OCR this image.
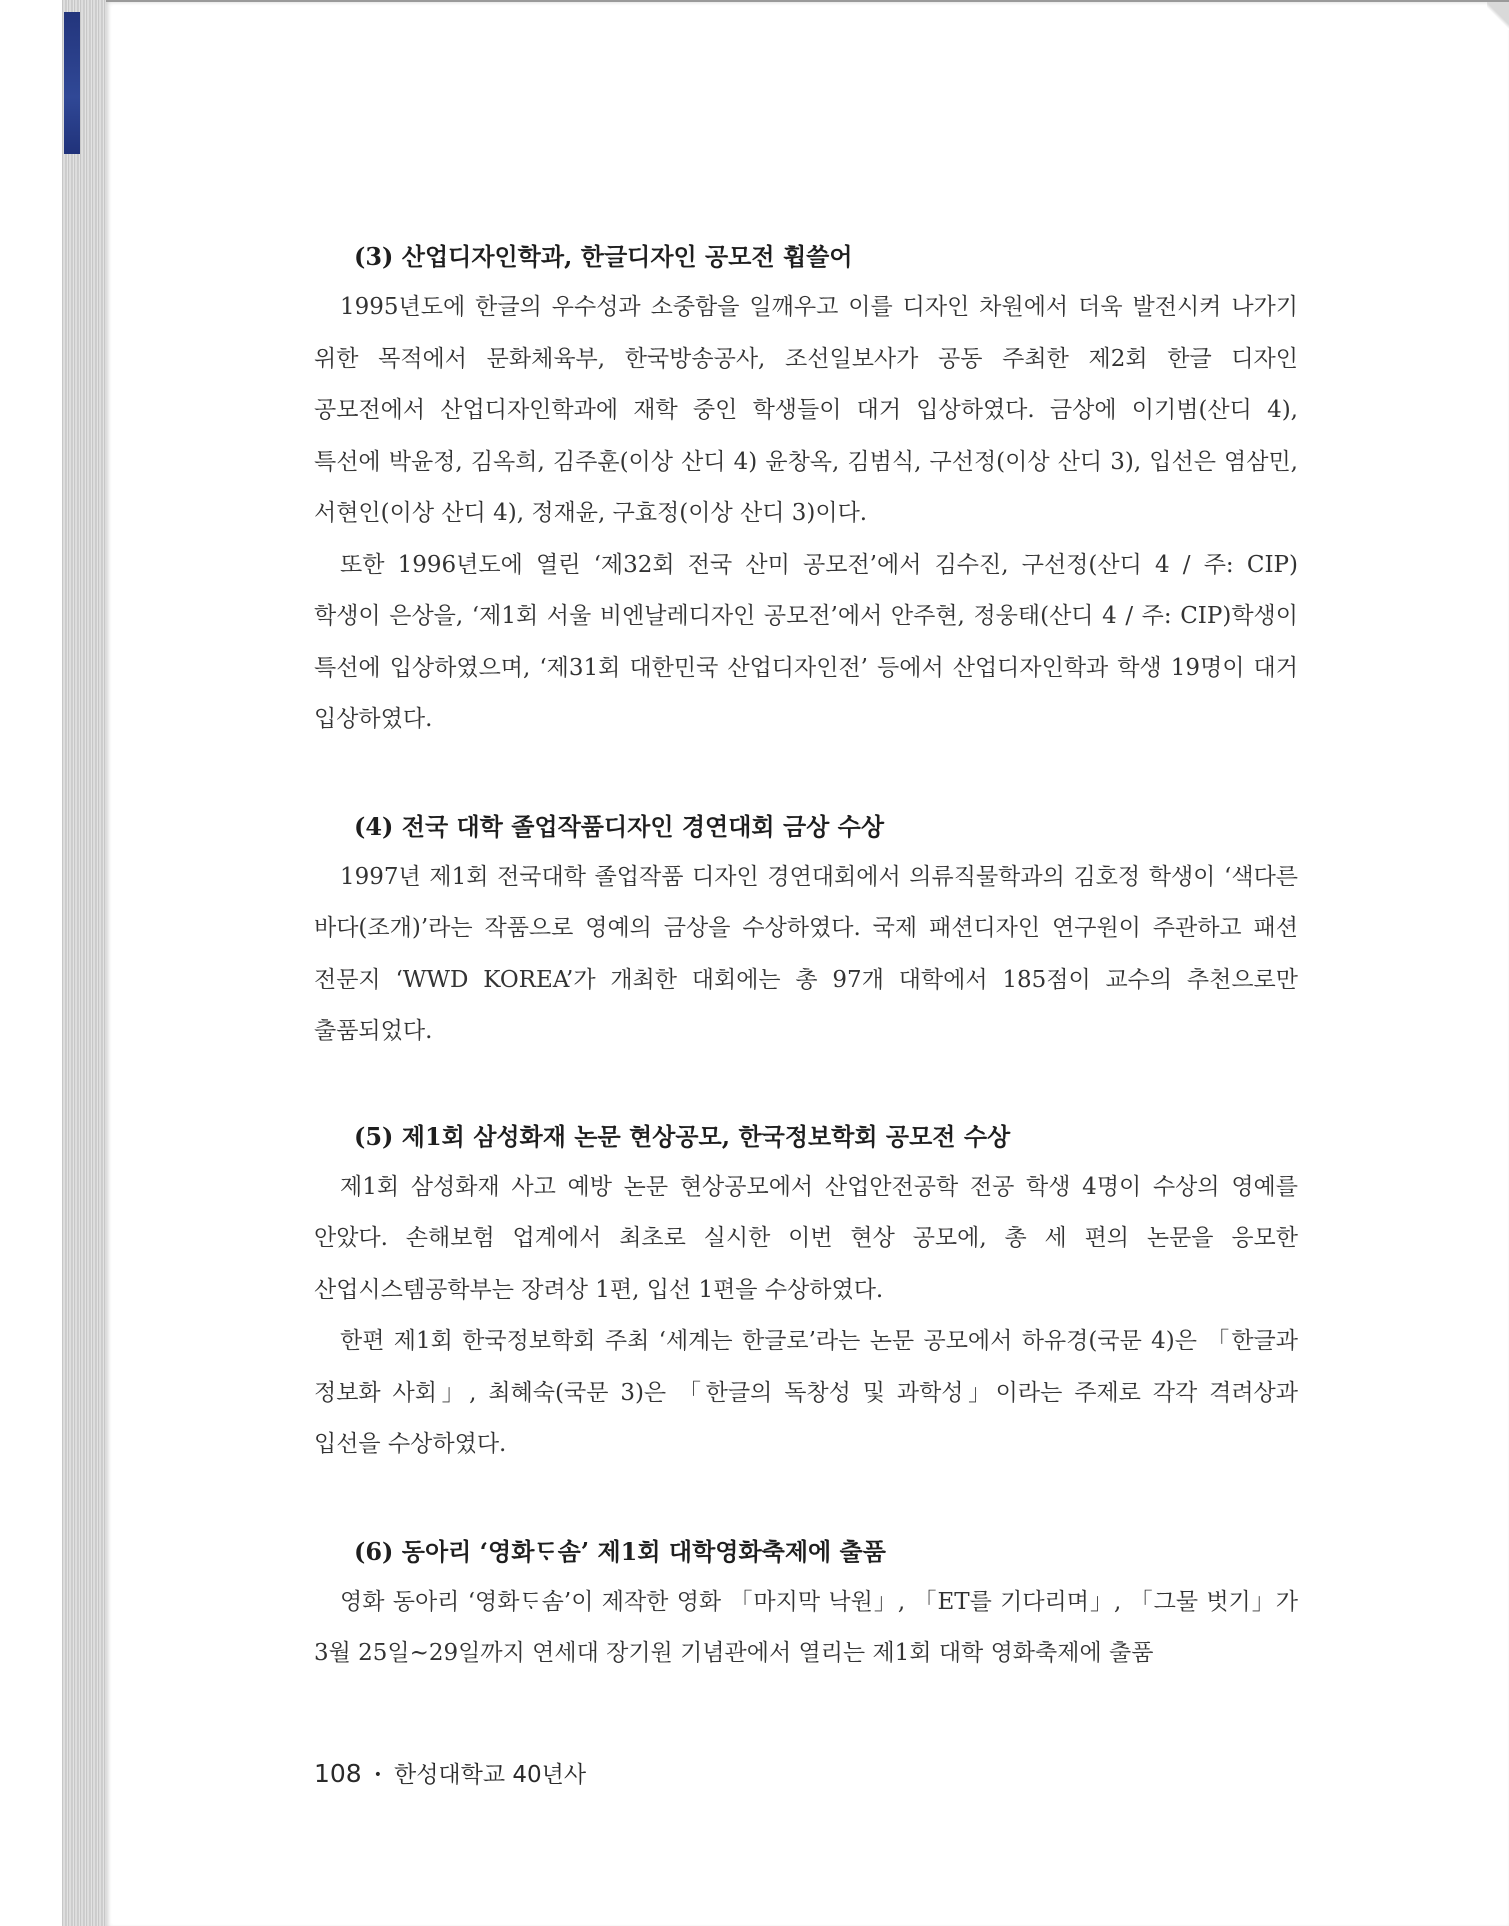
(3) 산업디자인학과, 한글디자인 공모전 휩쓸어

1995년도에 한글의 우수성과 소중함을 일깨우고 이를 디자인 차원에서 더욱 발전시켜 나가기 위한 목적에서 문화체육부, 한국방송공사, 조선일보사가 공동 주최한 제2회 한글 디자인 공모전에서 산업디자인학과에 재학 중인 학생들이 대거 입상하였다. 금상에 이기범(산디 4), 특선에 박윤정, 김옥희, 김주훈(이상 산디 4) 윤창옥, 김범식, 구선정(이상 산디 3), 입선은 염삼민, 서현인(이상 산디 4), 정재윤, 구효정(이상 산디 3)이다.

또한 1996년도에 열린 ‘제32회 전국 산미 공모전’에서 김수진, 구선정(산디 4 / 주: CIP) 학생이 은상을, ‘제1회 서울 비엔날레디자인 공모전’에서 안주현, 정웅태(산디 4 / 주: CIP)학생이 특선에 입상하였으며, ‘제31회 대한민국 산업디자인전’ 등에서 산업디자인학과 학생 19명이 대거 입상하였다.

(4) 전국 대학 졸업작품디자인 경연대회 금상 수상

1997년 제1회 전국대학 졸업작품 디자인 경연대회에서 의류직물학과의 김호정 학생이 ‘색다른 바다(조개)’라는 작품으로 영예의 금상을 수상하였다. 국제 패션디자인 연구원이 주관하고 패션 전문지 ‘WWD KOREA’가 개최한 대회에는 총 97개 대학에서 185점이 교수의 추천으로만 출품되었다.

(5) 제1회 삼성화재 논문 현상공모, 한국정보학회 공모전 수상

제1회 삼성화재 사고 예방 논문 현상공모에서 산업안전공학 전공 학생 4명이 수상의 영예를 안았다. 손해보험 업계에서 최초로 실시한 이번 현상 공모에, 총 세 편의 논문을 응모한 산업시스템공학부는 장려상 1편, 입선 1편을 수상하였다.

한편 제1회 한국정보학회 주최 ‘세계는 한글로’라는 논문 공모에서 하유경(국문 4)은 「한글과 정보화 사회」, 최혜숙(국문 3)은 「한글의 독창성 및 과학성」이라는 주제로 각각 격려상과 입선을 수상하였다.

(6) 동아리 ‘영화ᄃᆞ솜’ 제1회 대학영화축제에 출품

영화 동아리 ‘영화ᄃᆞ솜’이 제작한 영화 「마지막 낙원」, 「ET를 기다리며」, 「그물 벗기」가 3월 25일~29일까지 연세대 장기원 기념관에서 열리는 제1회 대학 영화축제에 출품

108 • 한성대학교 40년사
